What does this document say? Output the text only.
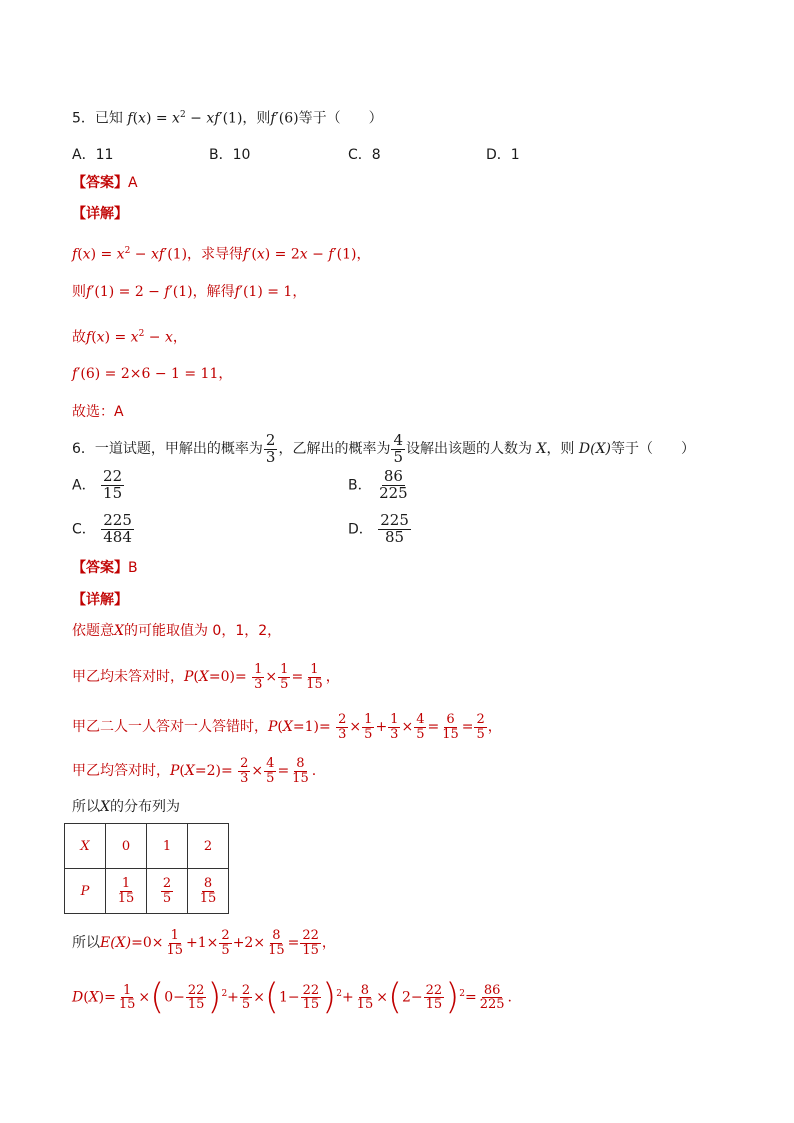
5．已知 $f(x) = x^2 - xf'(1)$，则f′(6)等于（　　）
A．11	B．10	C．8	D．1
【答案】A
【详解】
$f(x) = x^2 - xf'(1)$，求导得f′(x) = 2x − f′(1)，
则f′(1) = 2 − f′(1)，解得f′(1) = 1，
故$f(x) = x^2 - x$，
f′(6) = 2×6 − 1 = 11，
故选：A
6．一道试题，甲解出的概率为 $\frac{2}{3}$ ，乙解出的概率为 $\frac{4}{5}$ 设解出该题的人数为 X，则 D(X)等于（　　）
A． $\frac{22}{15}$	B． $\frac{86}{225}$
C． $\frac{225}{484}$	D． $\frac{225}{85}$
【答案】B
【详解】
依题意X的可能取值为 0，1，2，
甲乙均未答对时，$P(X=0)= \frac{1}{3} \times \frac{1}{5} = \frac{1}{15}$ ，
甲乙二人一人答对一人答错时，$P(X=1)= \frac{2}{3} \times \frac{1}{5} + \frac{1}{3} \times \frac{4}{5} = \frac{6}{15} = \frac{2}{5}$ ，
甲乙均答对时，$P(X=2)= \frac{2}{3} \times \frac{4}{5} = \frac{8}{15}$ .
所以X的分布列为
X	0	1	2
P	$\frac{1}{15}$	$\frac{2}{5}$	$\frac{8}{15}$
所以$E(X)=0\times \frac{1}{15} +1\times \frac{2}{5} +2\times \frac{8}{15} = \frac{22}{15}$ ，
$D(X)= \frac{1}{15} \times(0- \frac{22}{15} )^2+ \frac{2}{5} \times(1- \frac{22}{15} )^2+ \frac{8}{15} \times(2- \frac{22}{15} )^2= \frac{86}{225}$ .
